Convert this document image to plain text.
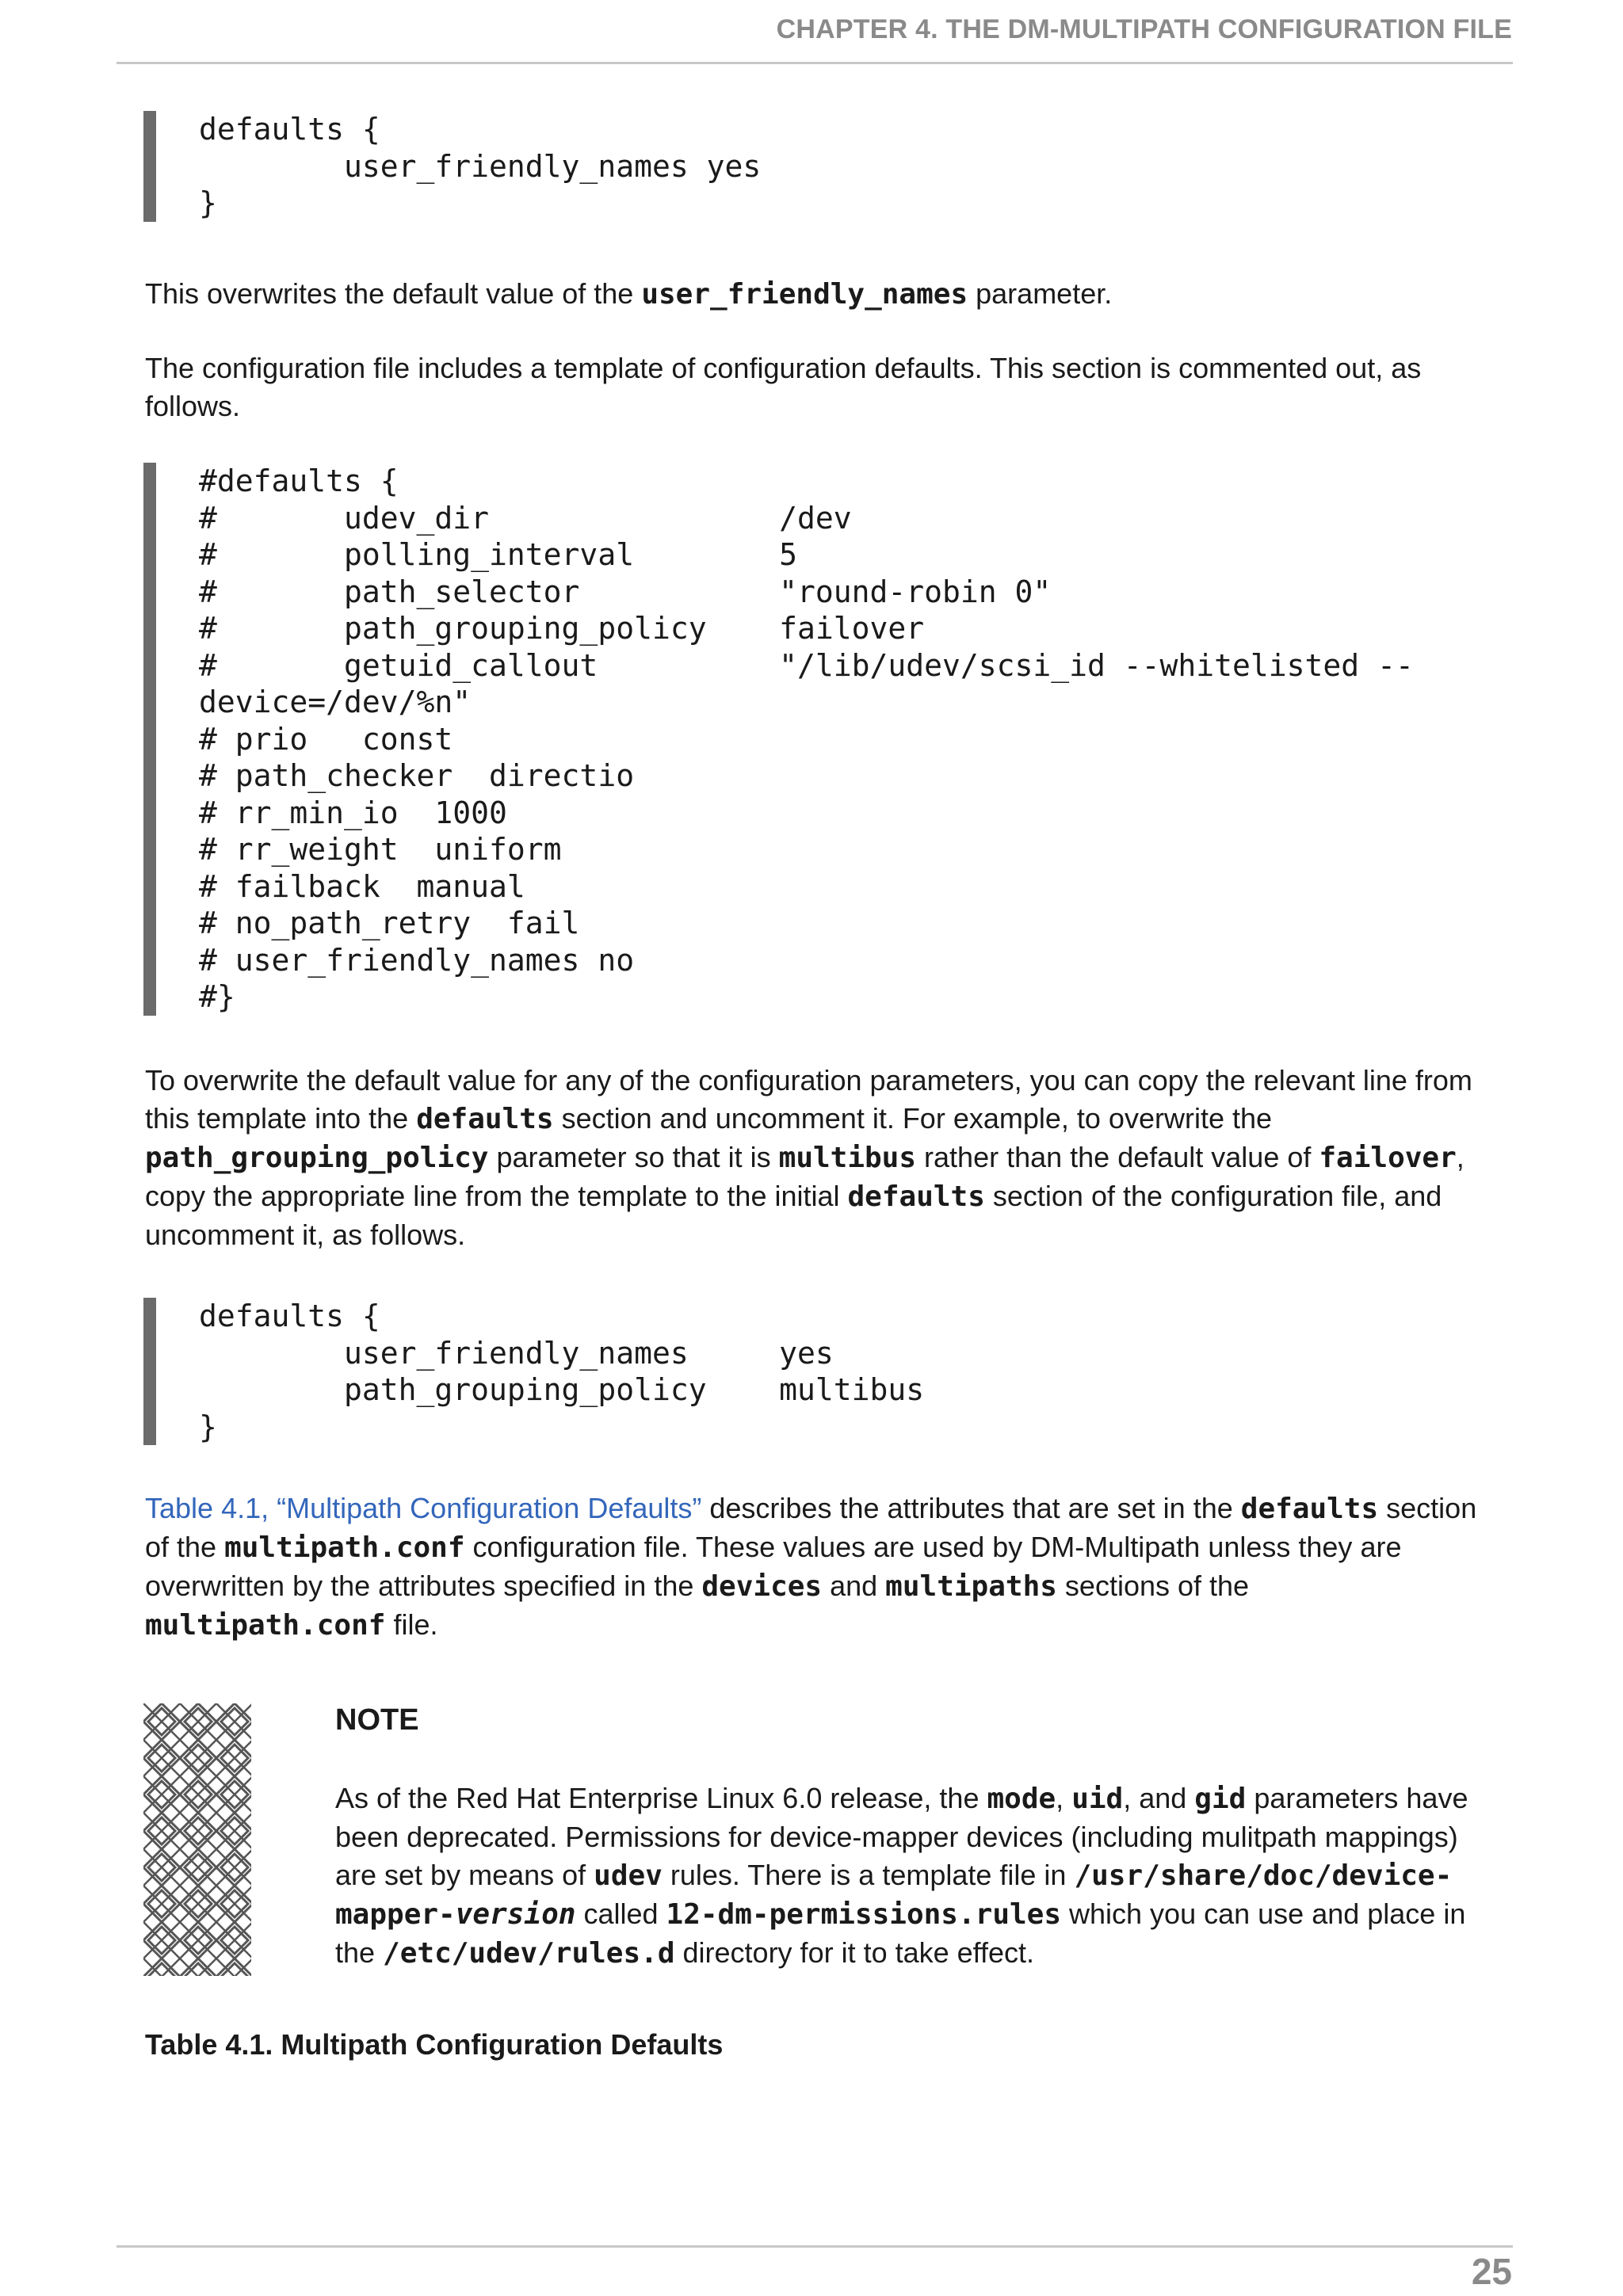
CHAPTER 4. THE DM-MULTIPATH CONFIGURATION FILE
defaults {
user_friendly_names yes
}
This overwrites the default value of the user_friendly_names parameter.
The configuration file includes a template of configuration defaults. This section is commented out, as follows.
#defaults {
#       udev_dir                /dev
#       polling_interval        5
#       path_selector           "round-robin 0"
#       path_grouping_policy    failover
#       getuid_callout          "/lib/udev/scsi_id --whitelisted --
device=/dev/%n"
# prio   const
# path_checker  directio
# rr_min_io  1000
# rr_weight  uniform
# failback  manual
# no_path_retry  fail
# user_friendly_names no
#}
To overwrite the default value for any of the configuration parameters, you can copy the relevant line from this template into the defaults section and uncomment it. For example, to overwrite the path_grouping_policy parameter so that it is multibus rather than the default value of failover, copy the appropriate line from the template to the initial defaults section of the configuration file, and uncomment it, as follows.
defaults {
user_friendly_names     yes
path_grouping_policy    multibus
}
Table 4.1, “Multipath Configuration Defaults” describes the attributes that are set in the defaults section of the multipath.conf configuration file. These values are used by DM-Multipath unless they are overwritten by the attributes specified in the devices and multipaths sections of the multipath.conf file.
NOTE
As of the Red Hat Enterprise Linux 6.0 release, the mode, uid, and gid parameters have been deprecated. Permissions for device-mapper devices (including mulitpath mappings) are set by means of udev rules. There is a template file in /usr/share/doc/device-mapper-version called 12-dm-permissions.rules which you can use and place in the /etc/udev/rules.d directory for it to take effect.
Table 4.1. Multipath Configuration Defaults
25
